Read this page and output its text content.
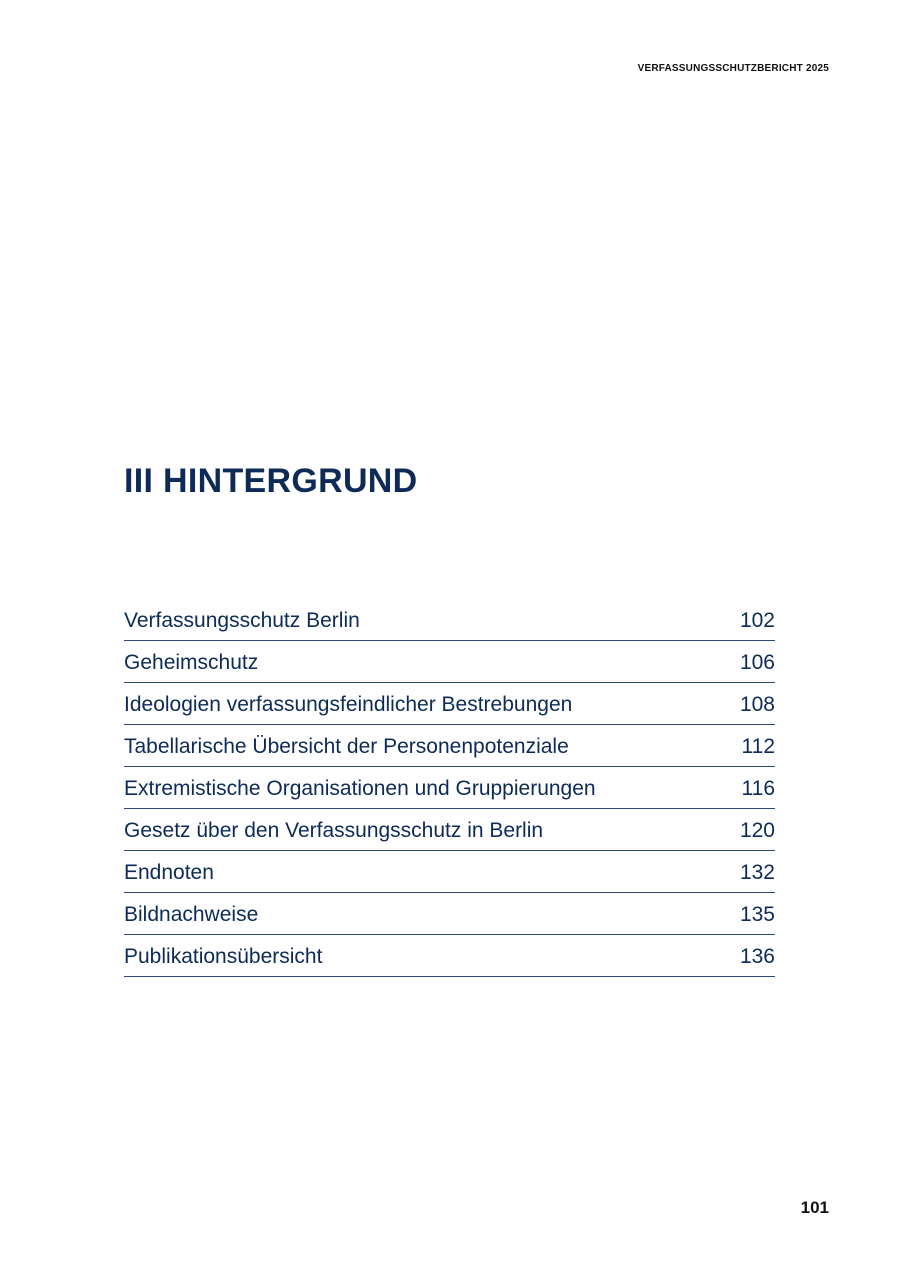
VERFASSUNGSSCHUTZBERICHT 2025
III HINTERGRUND
Verfassungsschutz Berlin	102
Geheimschutz	106
Ideologien verfassungsfeindlicher Bestrebungen	108
Tabellarische Übersicht der Personenpotenziale	112
Extremistische Organisationen und Gruppierungen	116
Gesetz über den Verfassungsschutz in Berlin	120
Endnoten	132
Bildnachweise	135
Publikationsübersicht	136
101
